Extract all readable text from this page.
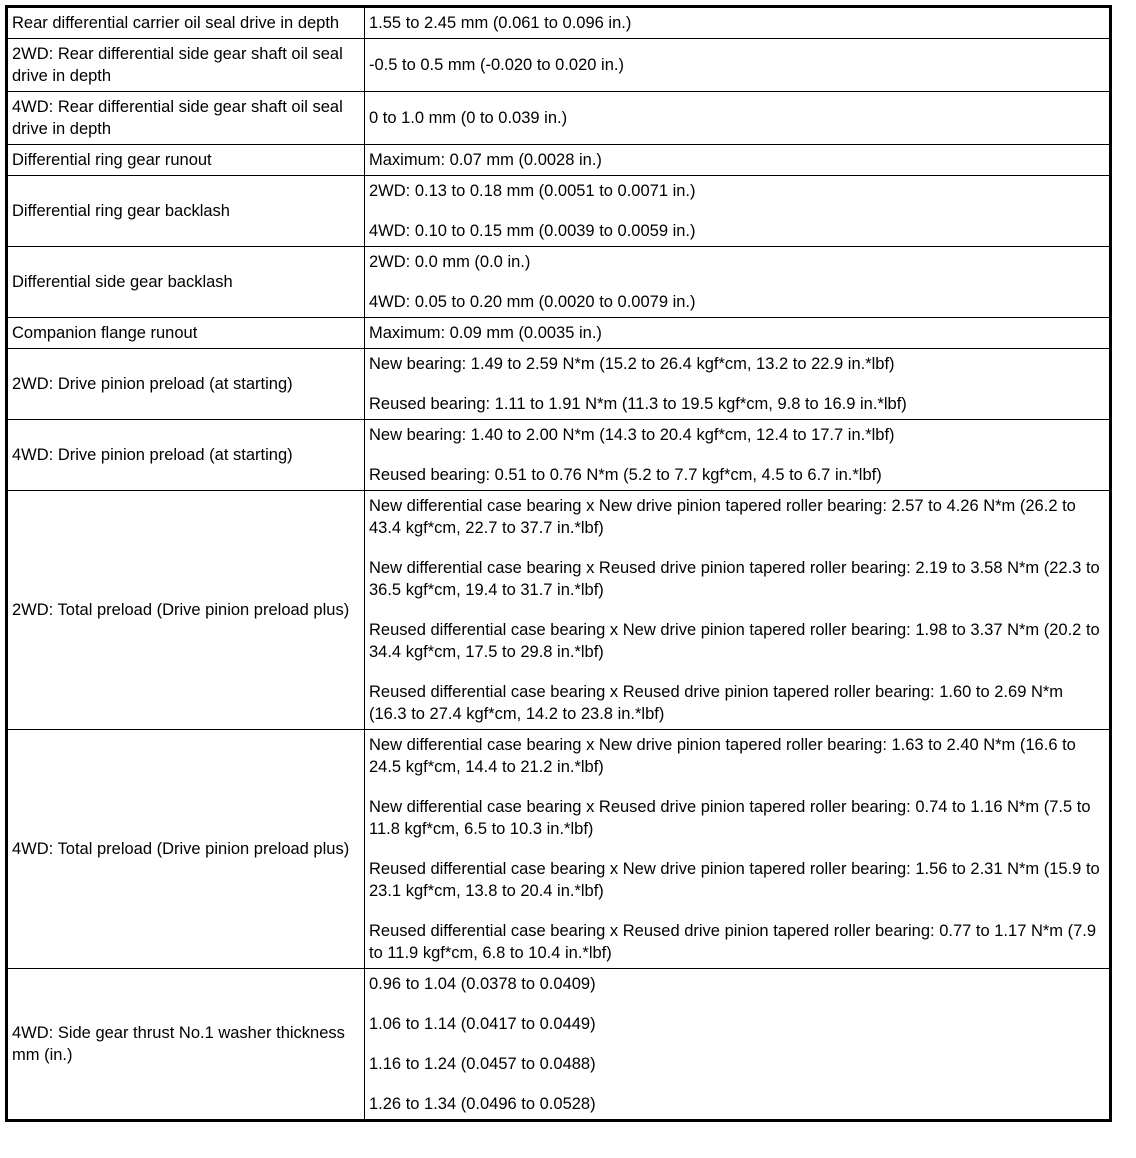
Rear differential carrier oil seal drive in depth	1.55 to 2.45 mm (0.061 to 0.096 in.)

2WD: Rear differential side gear shaft oil seal drive in depth	-0.5 to 0.5 mm (-0.020 to 0.020 in.)

4WD: Rear differential side gear shaft oil seal drive in depth	0 to 1.0 mm (0 to 0.039 in.)

Differential ring gear runout	Maximum: 0.07 mm (0.0028 in.)

Differential ring gear backlash	2WD: 0.13 to 0.18 mm (0.0051 to 0.0071 in.)
4WD: 0.10 to 0.15 mm (0.0039 to 0.0059 in.)

Differential side gear backlash	2WD: 0.0 mm (0.0 in.)
4WD: 0.05 to 0.20 mm (0.0020 to 0.0079 in.)

Companion flange runout	Maximum: 0.09 mm (0.0035 in.)

2WD: Drive pinion preload (at starting)	New bearing: 1.49 to 2.59 N*m (15.2 to 26.4 kgf*cm, 13.2 to 22.9 in.*lbf)
Reused bearing: 1.11 to 1.91 N*m (11.3 to 19.5 kgf*cm, 9.8 to 16.9 in.*lbf)

4WD: Drive pinion preload (at starting)	New bearing: 1.40 to 2.00 N*m (14.3 to 20.4 kgf*cm, 12.4 to 17.7 in.*lbf)
Reused bearing: 0.51 to 0.76 N*m (5.2 to 7.7 kgf*cm, 4.5 to 6.7 in.*lbf)

2WD: Total preload (Drive pinion preload plus)	New differential case bearing x New drive pinion tapered roller bearing: 2.57 to 4.26 N*m (26.2 to 43.4 kgf*cm, 22.7 to 37.7 in.*lbf)
New differential case bearing x Reused drive pinion tapered roller bearing: 2.19 to 3.58 N*m (22.3 to 36.5 kgf*cm, 19.4 to 31.7 in.*lbf)
Reused differential case bearing x New drive pinion tapered roller bearing: 1.98 to 3.37 N*m (20.2 to 34.4 kgf*cm, 17.5 to 29.8 in.*lbf)
Reused differential case bearing x Reused drive pinion tapered roller bearing: 1.60 to 2.69 N*m (16.3 to 27.4 kgf*cm, 14.2 to 23.8 in.*lbf)

4WD: Total preload (Drive pinion preload plus)	New differential case bearing x New drive pinion tapered roller bearing: 1.63 to 2.40 N*m (16.6 to 24.5 kgf*cm, 14.4 to 21.2 in.*lbf)
New differential case bearing x Reused drive pinion tapered roller bearing: 0.74 to 1.16 N*m (7.5 to 11.8 kgf*cm, 6.5 to 10.3 in.*lbf)
Reused differential case bearing x New drive pinion tapered roller bearing: 1.56 to 2.31 N*m (15.9 to 23.1 kgf*cm, 13.8 to 20.4 in.*lbf)
Reused differential case bearing x Reused drive pinion tapered roller bearing: 0.77 to 1.17 N*m (7.9 to 11.9 kgf*cm, 6.8 to 10.4 in.*lbf)

4WD: Side gear thrust No.1 washer thickness mm (in.)	0.96 to 1.04 (0.0378 to 0.0409)
1.06 to 1.14 (0.0417 to 0.0449)
1.16 to 1.24 (0.0457 to 0.0488)
1.26 to 1.34 (0.0496 to 0.0528)
